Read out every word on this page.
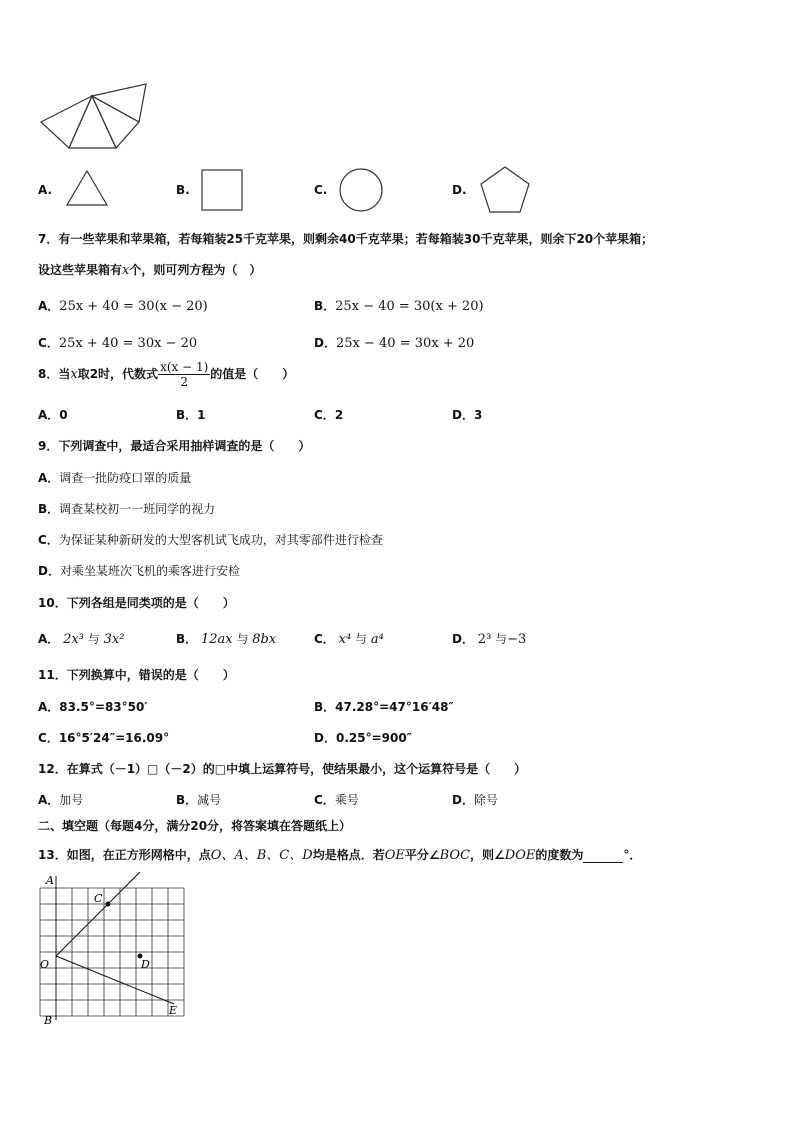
A.	B.	C.	D.
7．有一些苹果和苹果箱，若每箱装25千克苹果，则剩余40千克苹果；若每箱装30千克苹果，则余下20个苹果箱；
设这些苹果箱有x个，则可列方程为（　）
A．25x + 40 = 30(x − 20)	B．25x − 40 = 30(x + 20)
C．25x + 40 = 30x − 20	D．25x − 40 = 30x + 20
8．当x取2时，代数式 $\frac{x(x - 1)}{2}$ 的值是（　　）
A．0	B．1	C．2	D．3
9．下列调查中，最适合采用抽样调查的是（　　）
A．调查一批防疫口罩的质量
B．调查某校初一一班同学的视力
C．为保证某种新研发的大型客机试飞成功，对其零部件进行检查
D．对乘坐某班次飞机的乘客进行安检
10．下列各组是同类项的是（　　）
A． 2x³ 与 3x²	B． 12ax 与 8bx	C． x⁴ 与 a⁴	D． 2³ 与−3
11．下列换算中，错误的是（　　）
A．83.5°=83°50′	B．47.28°=47°16′48″
C．16°5′24″=16.09°	D．0.25°=900″
12．在算式（－1）□（－2）的□中填上运算符号，使结果最小，这个运算符号是（　　）
A．加号	B．减号	C．乘号	D．除号
二、填空题（每题4分，满分20分，将答案填在答题纸上）
13．如图，在正方形网格中，点O、A、B、C、D均是格点．若OE平分∠BOC，则∠DOE的度数为	°．
A
C
O	D
B
E
